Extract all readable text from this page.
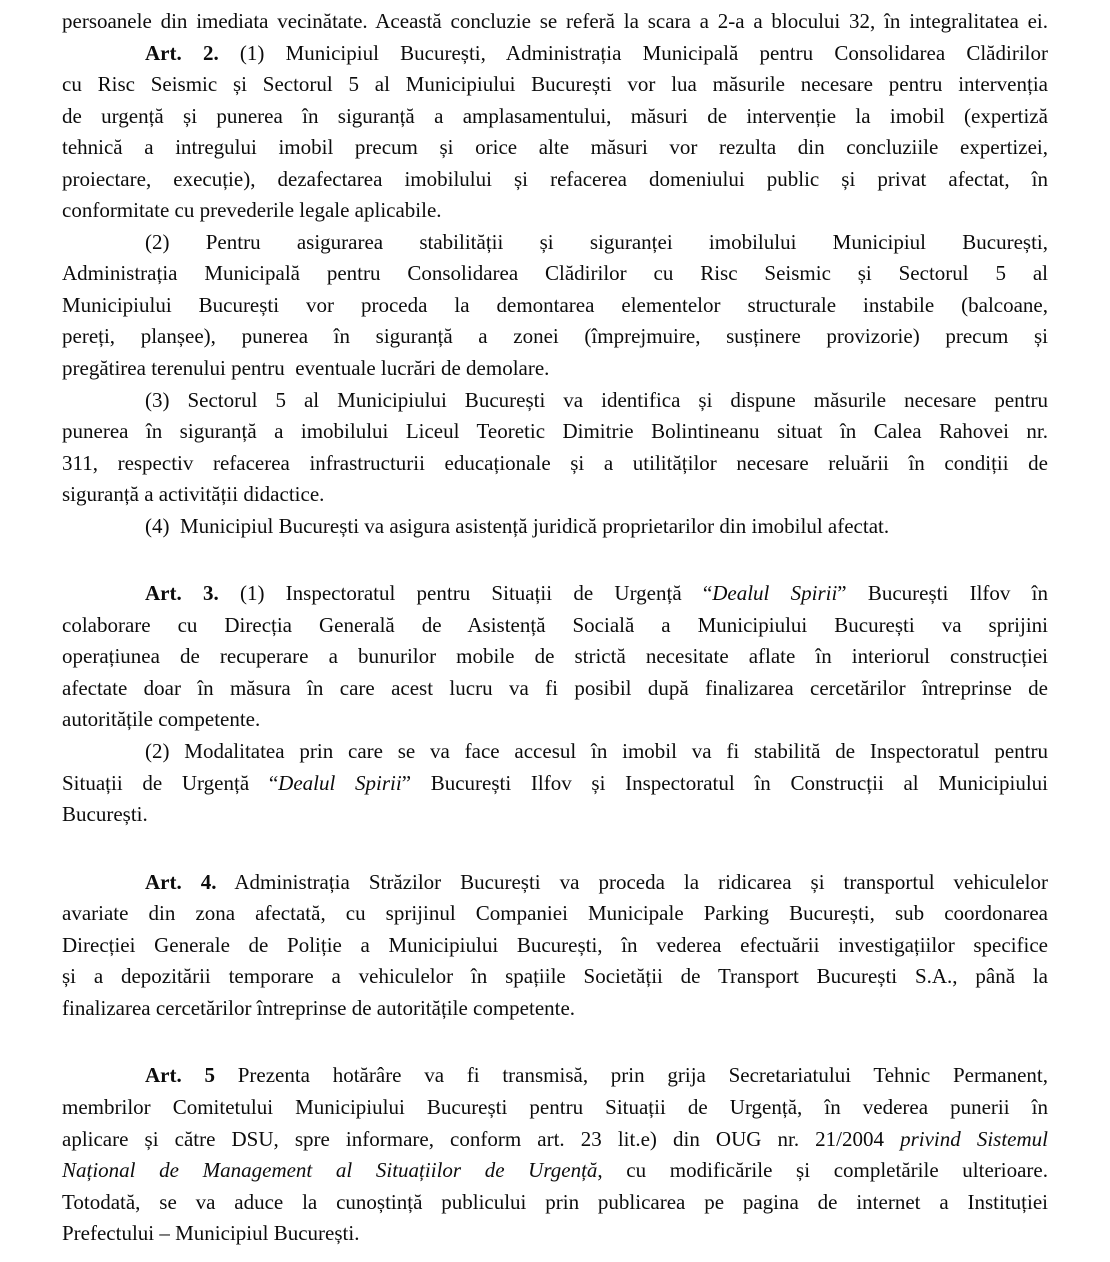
persoanele din imediata vecinătate. Această concluzie se referă la scara a 2-a a blocului 32, în integralitatea ei.
Art. 2. (1) Municipiul București, Administrația Municipală pentru Consolidarea Clădirilor
cu Risc Seismic și Sectorul 5 al Municipiului București vor lua măsurile necesare pentru intervenția
de urgență și punerea în siguranță a amplasamentului, măsuri de intervenție la imobil (expertiză
tehnică a intregului imobil precum și orice alte măsuri vor rezulta din concluziile expertizei,
proiectare, execuție), dezafectarea imobilului și refacerea domeniului public și privat afectat, în
conformitate cu prevederile legale aplicabile.
(2) Pentru asigurarea stabilității și siguranței imobilului Municipiul București,
Administrația Municipală pentru Consolidarea Clădirilor cu Risc Seismic și Sectorul 5 al
Municipiului București vor proceda la demontarea elementelor structurale instabile (balcoane,
pereți, planșee), punerea în siguranță a zonei (împrejmuire, susținere provizorie) precum și
pregătirea terenului pentru  eventuale lucrări de demolare.
(3) Sectorul 5 al Municipiului București va identifica și dispune măsurile necesare pentru
punerea în siguranță a imobilului Liceul Teoretic Dimitrie Bolintineanu situat în Calea Rahovei nr.
311, respectiv refacerea infrastructurii educaționale și a utilităților necesare reluării în condiții de
siguranță a activității didactice.
(4)  Municipiul București va asigura asistență juridică proprietarilor din imobilul afectat.
Art. 3. (1) Inspectoratul pentru Situații de Urgență “Dealul Spirii” București Ilfov în
colaborare cu Direcția Generală de Asistență Socială a Municipiului București va sprijini
operațiunea de recuperare a bunurilor mobile de strictă necesitate aflate în interiorul construcției
afectate doar în măsura în care acest lucru va fi posibil după finalizarea cercetărilor întreprinse de
autoritățile competente.
(2) Modalitatea prin care se va face accesul în imobil va fi stabilită de Inspectoratul pentru
Situații de Urgență “Dealul Spirii” București Ilfov și Inspectoratul în Construcții al Municipiului
București.
Art. 4. Administrația Străzilor București va proceda la ridicarea și transportul vehiculelor
avariate din zona afectată, cu sprijinul Companiei Municipale Parking București, sub coordonarea
Direcției Generale de Poliție a Municipiului București, în vederea efectuării investigațiilor specifice
și a depozitării temporare a vehiculelor în spațiile Societății de Transport București S.A., până la
finalizarea cercetărilor întreprinse de autoritățile competente.
Art. 5 Prezenta hotărâre va fi transmisă, prin grija Secretariatului Tehnic Permanent,
membrilor Comitetului Municipiului București pentru Situații de Urgență, în vederea punerii în
aplicare și către DSU, spre informare, conform art. 23 lit.e) din OUG nr. 21/2004 privind Sistemul
Național de Management al Situațiilor de Urgență, cu modificările și completările ulterioare.
Totodată, se va aduce la cunoștință publicului prin publicarea pe pagina de internet a Instituției
Prefectului – Municipiul București.
